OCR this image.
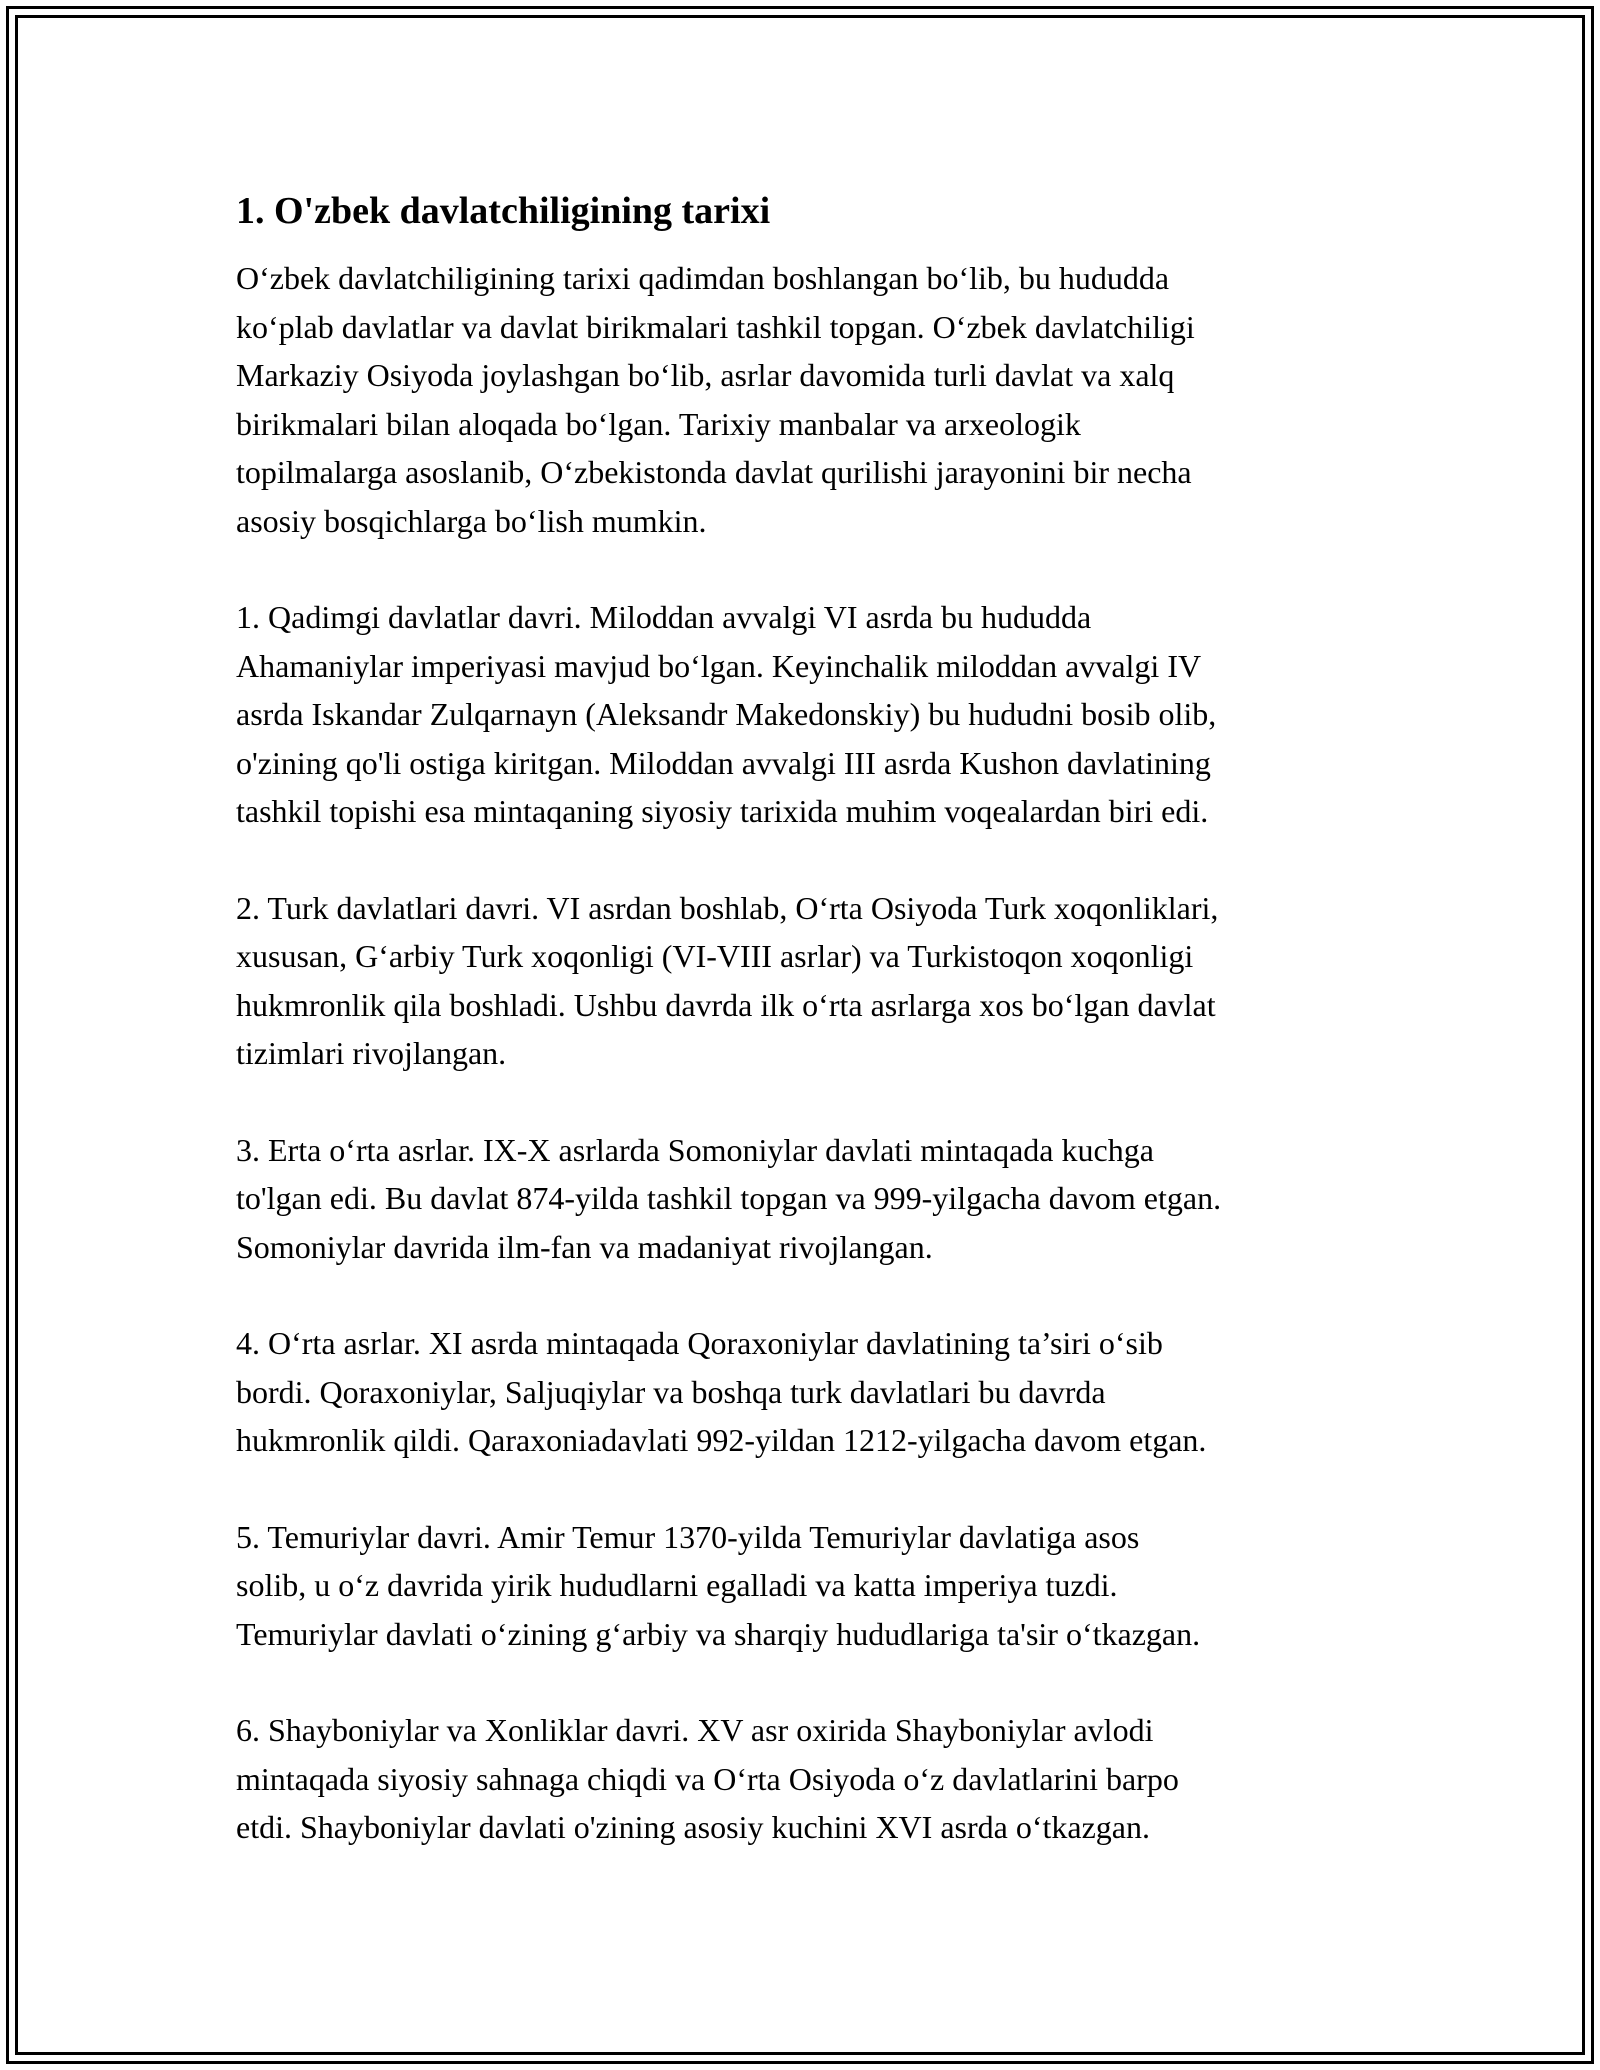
1. O'zbek davlatchiligining tarixi

O‘zbek davlatchiligining tarixi qadimdan boshlangan bo‘lib, bu hududda
ko‘plab davlatlar va davlat birikmalari tashkil topgan. O‘zbek davlatchiligi
Markaziy Osiyoda joylashgan bo‘lib, asrlar davomida turli davlat va xalq
birikmalari bilan aloqada bo‘lgan. Tarixiy manbalar va arxeologik
topilmalarga asoslanib, O‘zbekistonda davlat qurilishi jarayonini bir necha
asosiy bosqichlarga bo‘lish mumkin.

1. Qadimgi davlatlar davri. Miloddan avvalgi VI asrda bu hududda
Ahamaniylar imperiyasi mavjud bo‘lgan. Keyinchalik miloddan avvalgi IV
asrda Iskandar Zulqarnayn (Aleksandr Makedonskiy) bu hududni bosib olib,
o'zining qo'li ostiga kiritgan. Miloddan avvalgi III asrda Kushon davlatining
tashkil topishi esa mintaqaning siyosiy tarixida muhim voqealardan biri edi.

2. Turk davlatlari davri. VI asrdan boshlab, O‘rta Osiyoda Turk xoqonliklari,
xususan, G‘arbiy Turk xoqonligi (VI-VIII asrlar) va Turkistoqon xoqonligi
hukmronlik qila boshladi. Ushbu davrda ilk o‘rta asrlarga xos bo‘lgan davlat
tizimlari rivojlangan.

3. Erta o‘rta asrlar. IX-X asrlarda Somoniylar davlati mintaqada kuchga
to'lgan edi. Bu davlat 874-yilda tashkil topgan va 999-yilgacha davom etgan.
Somoniylar davrida ilm-fan va madaniyat rivojlangan.

4. O‘rta asrlar. XI asrda mintaqada Qoraxoniylar davlatining ta’siri o‘sib
bordi. Qoraxoniylar, Saljuqiylar va boshqa turk davlatlari bu davrda
hukmronlik qildi. Qaraxoniadavlati 992-yildan 1212-yilgacha davom etgan.

5. Temuriylar davri. Amir Temur 1370-yilda Temuriylar davlatiga asos
solib, u o‘z davrida yirik hududlarni egalladi va katta imperiya tuzdi.
Temuriylar davlati o‘zining g‘arbiy va sharqiy hududlariga ta'sir o‘tkazgan.

6. Shayboniylar va Xonliklar davri. XV asr oxirida Shayboniylar avlodi
mintaqada siyosiy sahnaga chiqdi va O‘rta Osiyoda o‘z davlatlarini barpo
etdi. Shayboniylar davlati o'zining asosiy kuchini XVI asrda o‘tkazgan.
